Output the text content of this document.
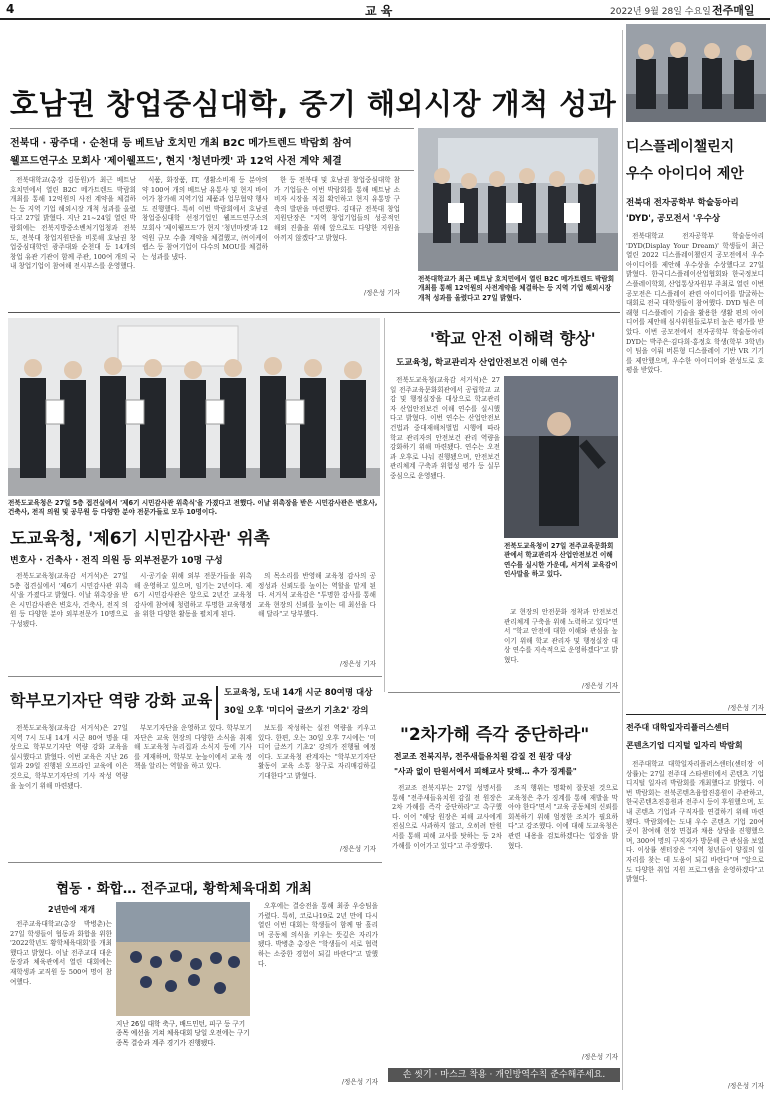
4	교 육	2022년 9월 28일 수요일 전주매일
호남권 창업중심대학, 중기 해외시장 개척 성과
전북대 · 광주대 · 순천대 등 베트남 호치민 개최 B2C 메가트렌드 박람회 참여
웰프드연구소 모회사 '제이웰프드', 현지 '청년마켓' 과 12억 사전 계약 체결

전북대학교(총장 김동원)가 최근 베트남 호치민에서 열린 B2C 메가트렌드 박람회 개최를 통해 12억원의 사전 계약을 체결하는 등 지역 기업 해외시장 개척 성과를 올렸다고 27일 밝혔다. 지난 21~24일 열린 박람회에는 전북지방중소벤처기업청과 전북도, 전북대 창업지원단을 비롯해 호남권 창업중심대학인 광주대와 순천대 등 14개의 창업 유관 기관이 함께 주관, 100여 개의 국내 창업기업이 참여해 전시부스를 운영했다.

식품, 화장품, IT, 생활소비재 등 분야의 약 100여 개의 베트남 유통사 및 현지 바이어가 참가해 지역기업 제품과 업무협약 행사도 진행했다. 특히 이번 박람회에서 호남권 창업중심대학 선정기업인 웰프드연구소의 모회사 '제이웰프드'가 현지 '청년마켓'과 12억원 규모 수출 계약을 체결했고, ㈜이케이랩스 등 참여기업이 다수의 MOU를 체결하는 성과를 냈다.

한 등 전북대 및 호남권 창업중심대학 참가 기업들은 이번 박람회를 통해 베트남 소비자 시장을 직접 확인하고 현지 유통망 구축의 발판을 마련했다. 김대규 전북대 창업지원단장은 "지역 창업기업들의 성공적인 해외 진출을 위해 앞으로도 다양한 지원을 아끼지 않겠다"고 밝혔다.

/정은성 기자
전북대학교가 최근 베트남 호치민에서 열린 B2C 메가트렌드 박람회 개최를 통해 12억원의 사전계약을 체결하는 등 지역 기업 해외시장 개척 성과를 올렸다고 27일 밝혔다.
디스플레이챌린지
우수 아이디어 제안
전북대 전자공학부 학술동아리
'DYD', 공모전서 '우수상

전북대학교 전자공학부 학술동아리 'DYD(Display Your Dream)' 학생들이 최근 열린 2022 디스플레이챌린지 공모전에서 우수 아이디어를 제안해 우수상을 수상했다고 27일 밝혔다. 한국디스플레이산업협회와 한국정보디스플레이학회, 산업통상자원부 주최로 열린 이번 공모전은 디스플레이 관련 아이디어를 발굴하는 대회로 전국 대학생들이 참여했다. DYD 팀은 미래형 디스플레이 기술을 활용한 생활 편의 아이디어를 제안해 심사위원들로부터 높은 평가를 받았다. 이번 공모전에서 전자공학부 학술동아리 DYD는 박주은·김다희·홍정호 학생(학부 3학년)이 팀을 이뤄 버튼형 디스플레이 기반 VR 기기를 제안했으며, 우수한 아이디어와 완성도로 호평을 받았다.

/정은성 기자
전주대 대학일자리플러스센터
콘텐츠기업 디지털 일자리 박람회

전주대학교 대학일자리플러스센터(센터장 이상률)는 27일 전주대 스타센터에서 콘텐츠 기업 디지털 일자리 박람회를 개최했다고 밝혔다. 이번 박람회는 전북콘텐츠융합진흥원이 주관하고, 한국콘텐츠진흥원과 전주시 등이 후원했으며, 도내 콘텐츠 기업과 구직자를 연결하기 위해 마련됐다. 박람회에는 도내 우수 콘텐츠 기업 20여 곳이 참여해 현장 면접과 채용 상담을 진행했으며, 300여 명의 구직자가 방문해 큰 관심을 보였다. 이상률 센터장은 "지역 청년들이 양질의 일자리를 찾는 데 도움이 되길 바란다"며 "앞으로도 다양한 취업 지원 프로그램을 운영하겠다"고 밝혔다.

/정은성 기자
전북도교육청은 27일 5층 접견실에서 '제6기 시민감사관 위촉식'을 가졌다고 전했다. 이날 위촉장을 받은 시민감사관은 변호사, 건축사, 전직 의원 및 공무원 등 다양한 분야 전문가들로 모두 10명이다.
도교육청, '제6기 시민감사관' 위촉
변호사 · 건축사 · 전직 의원 등 외부전문가 10명 구성

전북도교육청(교육감 서거석)은 27일 5층 접견실에서 '제6기 시민감사관 위촉식'을 가졌다고 밝혔다. 이날 위촉장을 받은 시민감사관은 변호사, 건축사, 전직 의원 등 다양한 분야 외부전문가 10명으로 구성됐다.

시·공기술 위해 외부 전문가들을 위촉해 운영하고 있으며, 임기는 2년이다. 제6기 시민감사관은 앞으로 2년간 교육청 감사에 참여해 청렴하고 투명한 교육행정을 위한 다양한 활동을 펼치게 된다.

의 목소리를 반영해 교육청 감사의 공정성과 신뢰도를 높이는 역할을 맡게 된다. 서거석 교육감은 "투명한 감사를 통해 교육 현장의 신뢰를 높이는 데 최선을 다해 달라"고 당부했다.

/정은성 기자
'학교 안전 이해력 향상'
도교육청, 학교관리자 산업안전보건 이해 연수

전북도교육청(교육감 서거석)은 27일 전주교육문화회관에서 공립학교 교감 및 행정실장을 대상으로 학교관리자 산업안전보건 이해 연수를 실시했다고 밝혔다. 이번 연수는 산업안전보건법과 중대재해처벌법 시행에 따라 학교 관리자의 안전보건 관리 역량을 강화하기 위해 마련됐다. 연수는 오전과 오후로 나눠 진행됐으며, 안전보건관리체계 구축과 위험성 평가 등 실무 중심으로 운영됐다.

전북도교육청이 27일 전주교육문화회관에서 학교관리자 산업안전보건 이해 연수를 실시한 가운데, 서거석 교육감이 인사말을 하고 있다.

교 현장의 안전문화 정착과 안전보건관리체계 구축을 위해 노력하고 있다"면서 "학교 안전에 대한 이해와 관심을 높이기 위해 학교 관리자 및 행정실장 대상 연수를 지속적으로 운영하겠다"고 밝혔다.

/정은성 기자
학부모기자단 역량 강화 교육 도교육청, 도내 14개 시군 80여명 대상
30일 오후 '미디어 글쓰기 기초2' 강의

전북도교육청(교육감 서거석)은 27일 지역 7시 도내 14개 시군 80여 명을 대상으로 학부모기자단 역량 강화 교육을 실시했다고 밝혔다. 이번 교육은 지난 26일과 29일 진행된 오프라인 교육에 이은 것으로, 학부모기자단의 기사 작성 역량을 높이기 위해 마련됐다.

부모기자단을 운영하고 있다. 학부모기자단은 교육 현장의 다양한 소식을 취재해 도교육청 누리집과 소식지 등에 기사를 게재하며, 학부모 눈높이에서 교육 정책을 알리는 역할을 하고 있다.

보도를 작성하는 실전 역량을 키우고 있다. 한편, 오는 30일 오후 7시에는 '미디어 글쓰기 기초2' 강의가 진행될 예정이다. 도교육청 관계자는 "학부모기자단 활동이 교육 소통 창구로 자리매김하길 기대한다"고 밝혔다.

/정은성 기자
"2차가해 즉각 중단하라"
전교조 전북지부, 전주새들유치원 감질 전 원장 대상
"사과 없이 탄원서에서 피해교사 탓해… 추가 징계를"

전교조 전북지부는 27일 성명서를 통해 "전주새들유치원 감질 전 원장은 2차 가해를 즉각 중단하라"고 촉구했다. 이어 "해당 원장은 피해 교사에게 진심으로 사과하지 않고, 오히려 탄원서를 통해 피해 교사를 탓하는 등 2차 가해를 이어가고 있다"고 주장했다.

조직 행위는 명확히 잘못된 것으로 교육청은 추가 징계를 통해 재발을 막아야 한다"면서 "교육 공동체의 신뢰를 회복하기 위해 엄정한 조치가 필요하다"고 강조했다. 이에 대해 도교육청은 관련 내용을 검토하겠다는 입장을 밝혔다.

/정은성 기자
손 씻기 · 마스크 착용 · 개인방역수칙 준수해주세요.
협동 · 화합… 전주교대, 황학체육대회 개최
2년만에 재개

전주교육대학교(총장 박병춘)는 27일 학생들이 협동과 화합을 위한 '2022학년도 황학체육대회'를 개최했다고 밝혔다. 이날 전주교대 대운동장과 체육관에서 열린 대회에는 재학생과 교직원 등 500여 명이 참여했다.

지난 26일 대학 축구, 배드민턴, 피구 등 구기종목 예선을 거쳐 체육대회 당일 오전에는 구기종목 결승과 계주 경기가 진행됐다.

오후에는 결승전을 통해 최종 우승팀을 가렸다. 특히, 코로나19로 2년 만에 다시 열린 이번 대회는 학생들이 함께 땀 흘리며 공동체 의식을 키우는 뜻깊은 자리가 됐다. 박병춘 총장은 "학생들이 서로 협력하는 소중한 경험이 되길 바란다"고 말했다.

/정은성 기자
